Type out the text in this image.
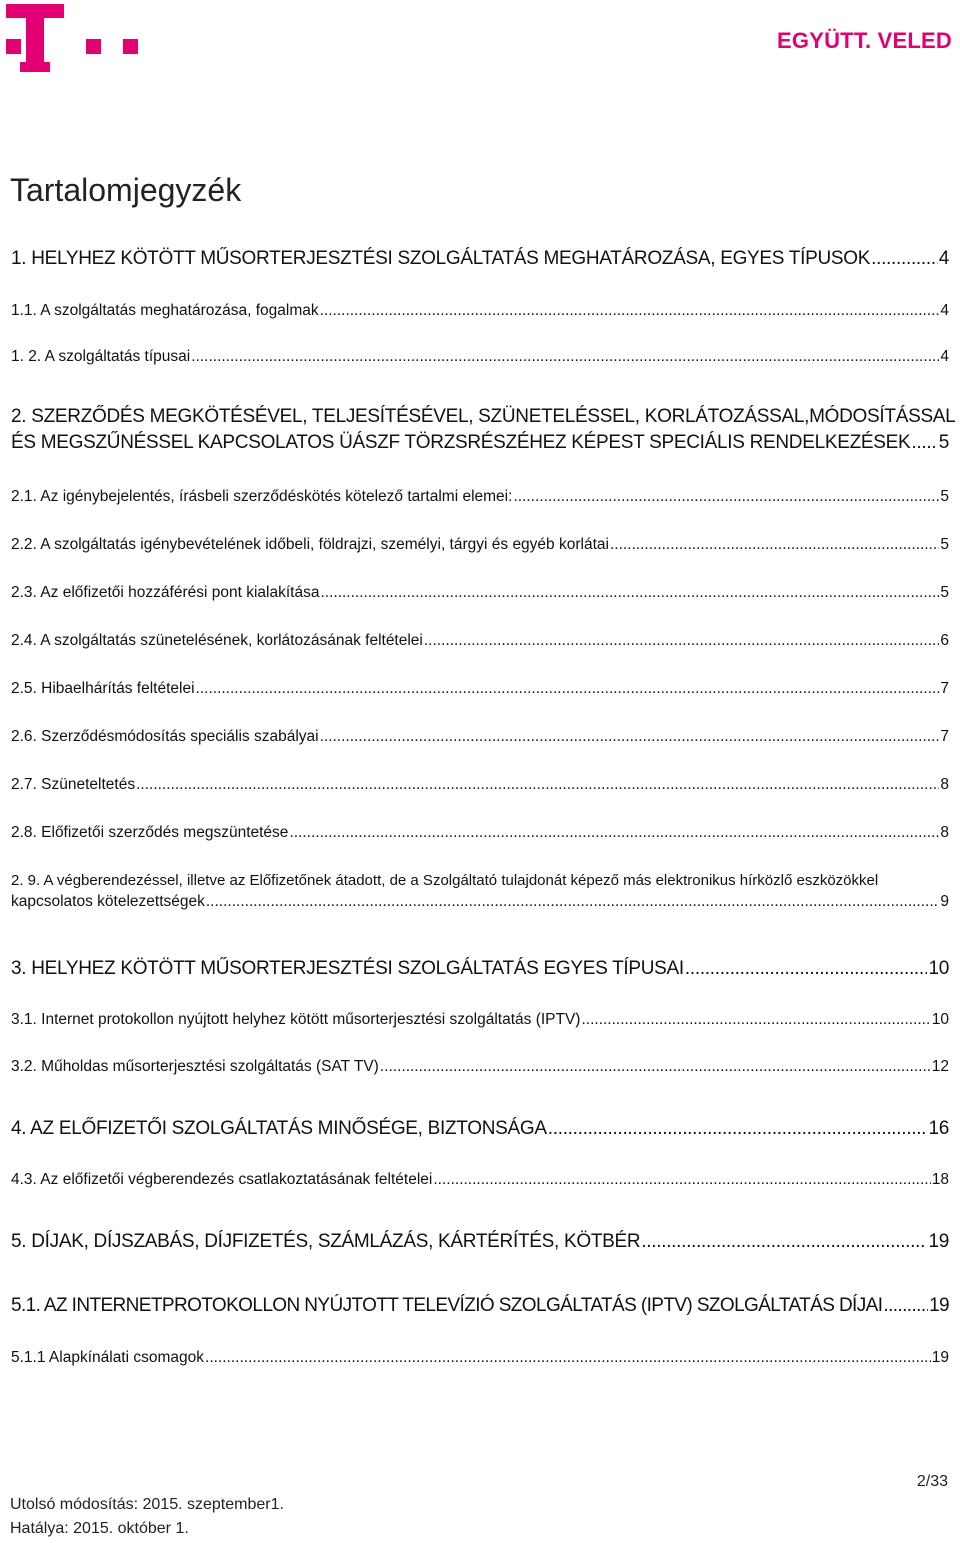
EGYÜTT. VELED
Tartalomjegyzék
1. HELYHEZ KÖTÖTT MŰSORTERJESZTÉSI SZOLGÁLTATÁS MEGHATÁROZÁSA, EGYES TÍPUSOK .....	4
1.1. A szolgáltatás meghatározása, fogalmak .....	4
1. 2. A szolgáltatás típusai .....	4
2. SZERZŐDÉS MEGKÖTÉSÉVEL, TELJESÍTÉSÉVEL, SZÜNETELÉSSEL, KORLÁTOZÁSSAL,MÓDOSÍTÁSSAL
ÉS MEGSZŰNÉSSEL KAPCSOLATOS ÜÁSZF TÖRZSRÉSZÉHEZ KÉPEST SPECIÁLIS RENDELKEZÉSEK ..... 5
2.1. Az igénybejelentés, írásbeli szerződéskötés kötelező tartalmi elemei: .....	5
2.2. A szolgáltatás igénybevételének időbeli, földrajzi, személyi, tárgyi és egyéb korlátai .....	5
2.3. Az előfizetői hozzáférési pont kialakítása .....	5
2.4. A szolgáltatás szünetelésének, korlátozásának feltételei .....	6
2.5. Hibaelhárítás feltételei .....	7
2.6. Szerződésmódosítás speciális szabályai .....	7
2.7. Szüneteltetés .....	8
2.8. Előfizetői szerződés megszüntetése .....	8
2. 9. A végberendezéssel, illetve az Előfizetőnek átadott, de a Szolgáltató tulajdonát képező más elektronikus hírközlő eszközökkel
kapcsolatos kötelezettségek .....	9
3. HELYHEZ KÖTÖTT MŰSORTERJESZTÉSI SZOLGÁLTATÁS EGYES TÍPUSAI .....	10
3.1. Internet protokollon nyújtott helyhez kötött műsorterjesztési szolgáltatás (IPTV) .....	10
3.2. Műholdas műsorterjesztési szolgáltatás (SAT TV) .....	12
4. AZ ELŐFIZETŐI SZOLGÁLTATÁS MINŐSÉGE, BIZTONSÁGA .....	16
4.3. Az előfizetői végberendezés csatlakoztatásának feltételei .....	18
5. DÍJAK, DÍJSZABÁS, DÍJFIZETÉS, SZÁMLÁZÁS, KÁRTÉRÍTÉS, KÖTBÉR .....	19
5.1. AZ INTERNETPROTOKOLLON NYÚJTOTT TELEVÍZIÓ SZOLGÁLTATÁS (IPTV) SZOLGÁLTATÁS DÍJAI ..... 19
5.1.1 Alapkínálati csomagok .....	19
2/33
Utolsó módosítás: 2015. szeptember1.
Hatálya: 2015. október 1.
